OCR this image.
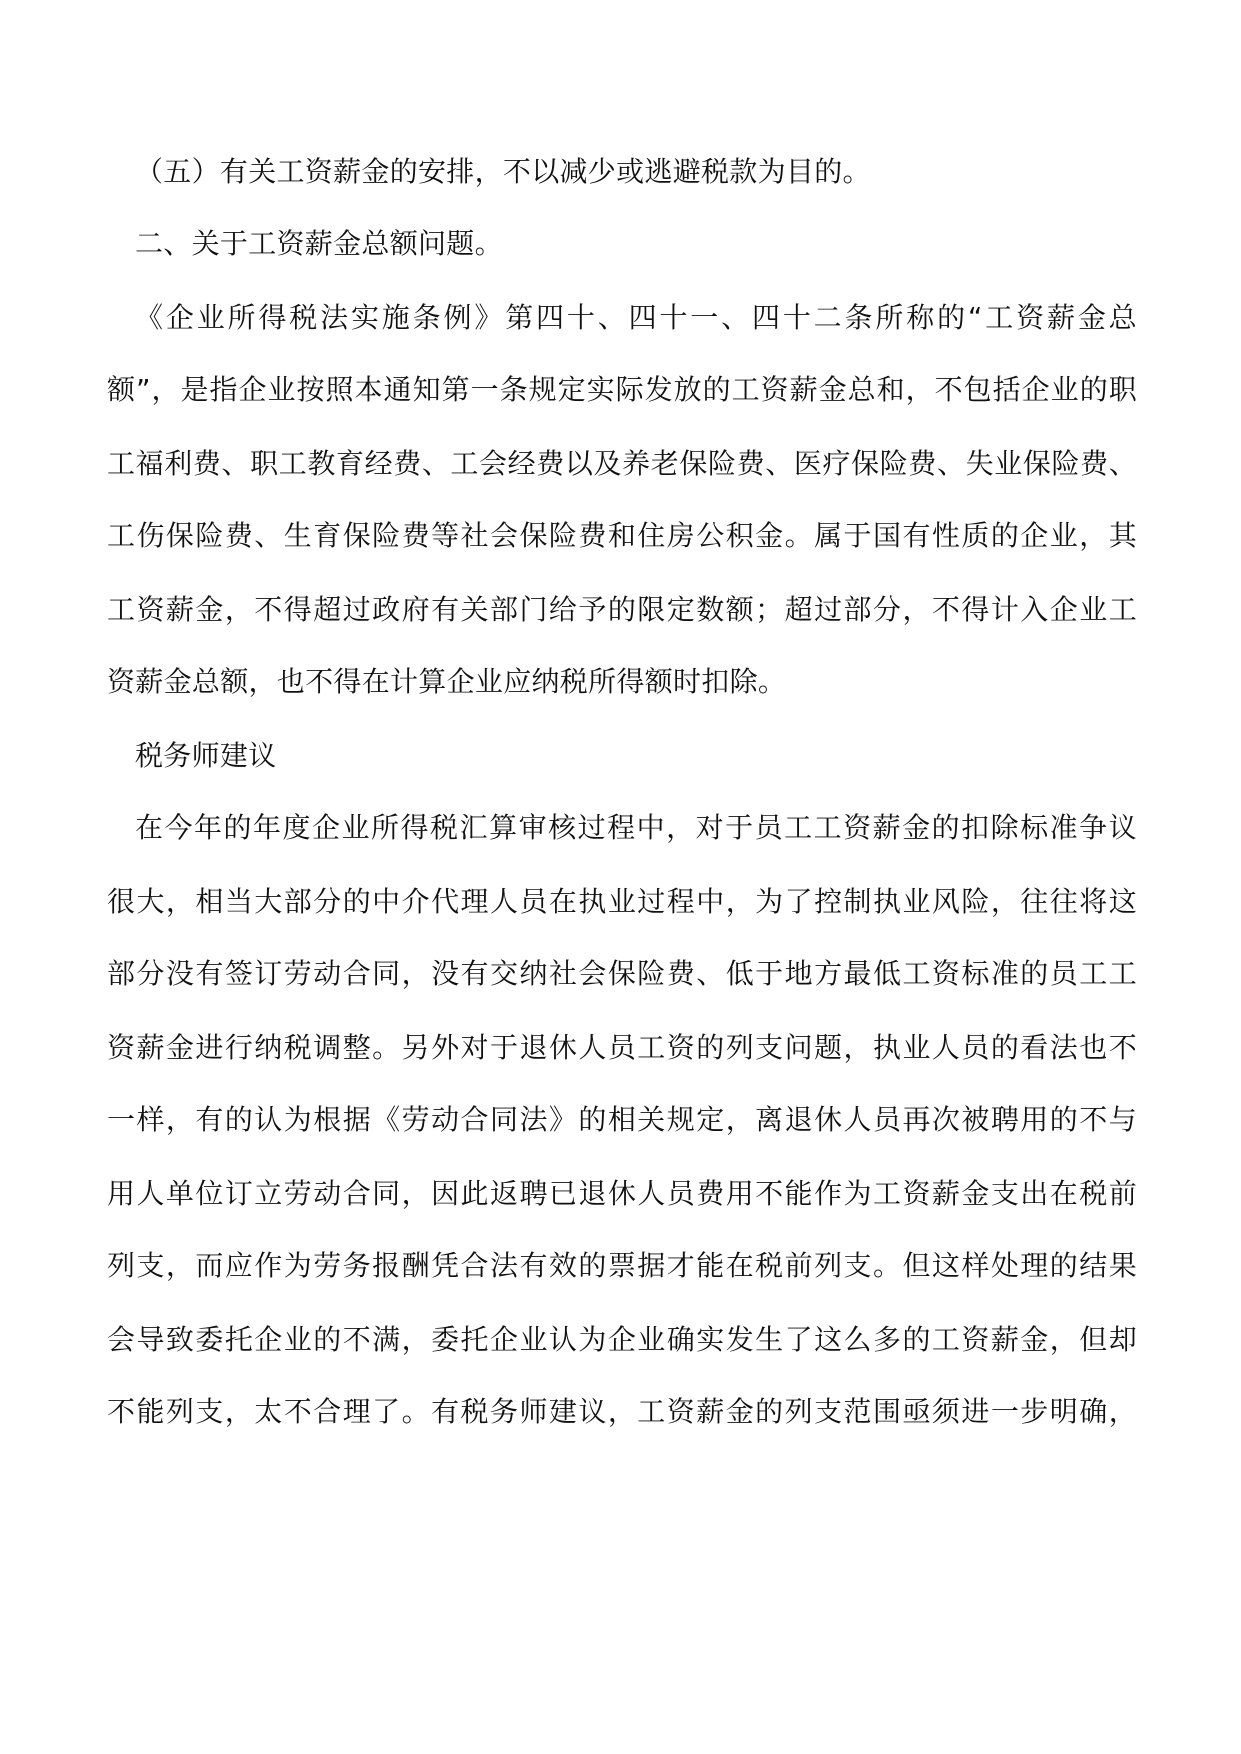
（五）有关工资薪金的安排，不以减少或逃避税款为目的。

二、关于工资薪金总额问题。

《企业所得税法实施条例》第四十、四十一、四十二条所称的“工资薪金总

额”，是指企业按照本通知第一条规定实际发放的工资薪金总和，不包括企业的职

工福利费、职工教育经费、工会经费以及养老保险费、医疗保险费、失业保险费、

工伤保险费、生育保险费等社会保险费和住房公积金。属于国有性质的企业，其

工资薪金，不得超过政府有关部门给予的限定数额；超过部分，不得计入企业工

资薪金总额，也不得在计算企业应纳税所得额时扣除。

税务师建议

在今年的年度企业所得税汇算审核过程中，对于员工工资薪金的扣除标准争议

很大，相当大部分的中介代理人员在执业过程中，为了控制执业风险，往往将这

部分没有签订劳动合同，没有交纳社会保险费、低于地方最低工资标准的员工工

资薪金进行纳税调整。另外对于退休人员工资的列支问题，执业人员的看法也不

一样，有的认为根据《劳动合同法》的相关规定，离退休人员再次被聘用的不与

用人单位订立劳动合同，因此返聘已退休人员费用不能作为工资薪金支出在税前

列支，而应作为劳务报酬凭合法有效的票据才能在税前列支。但这样处理的结果

会导致委托企业的不满，委托企业认为企业确实发生了这么多的工资薪金，但却

不能列支，太不合理了。有税务师建议，工资薪金的列支范围亟须进一步明确，
